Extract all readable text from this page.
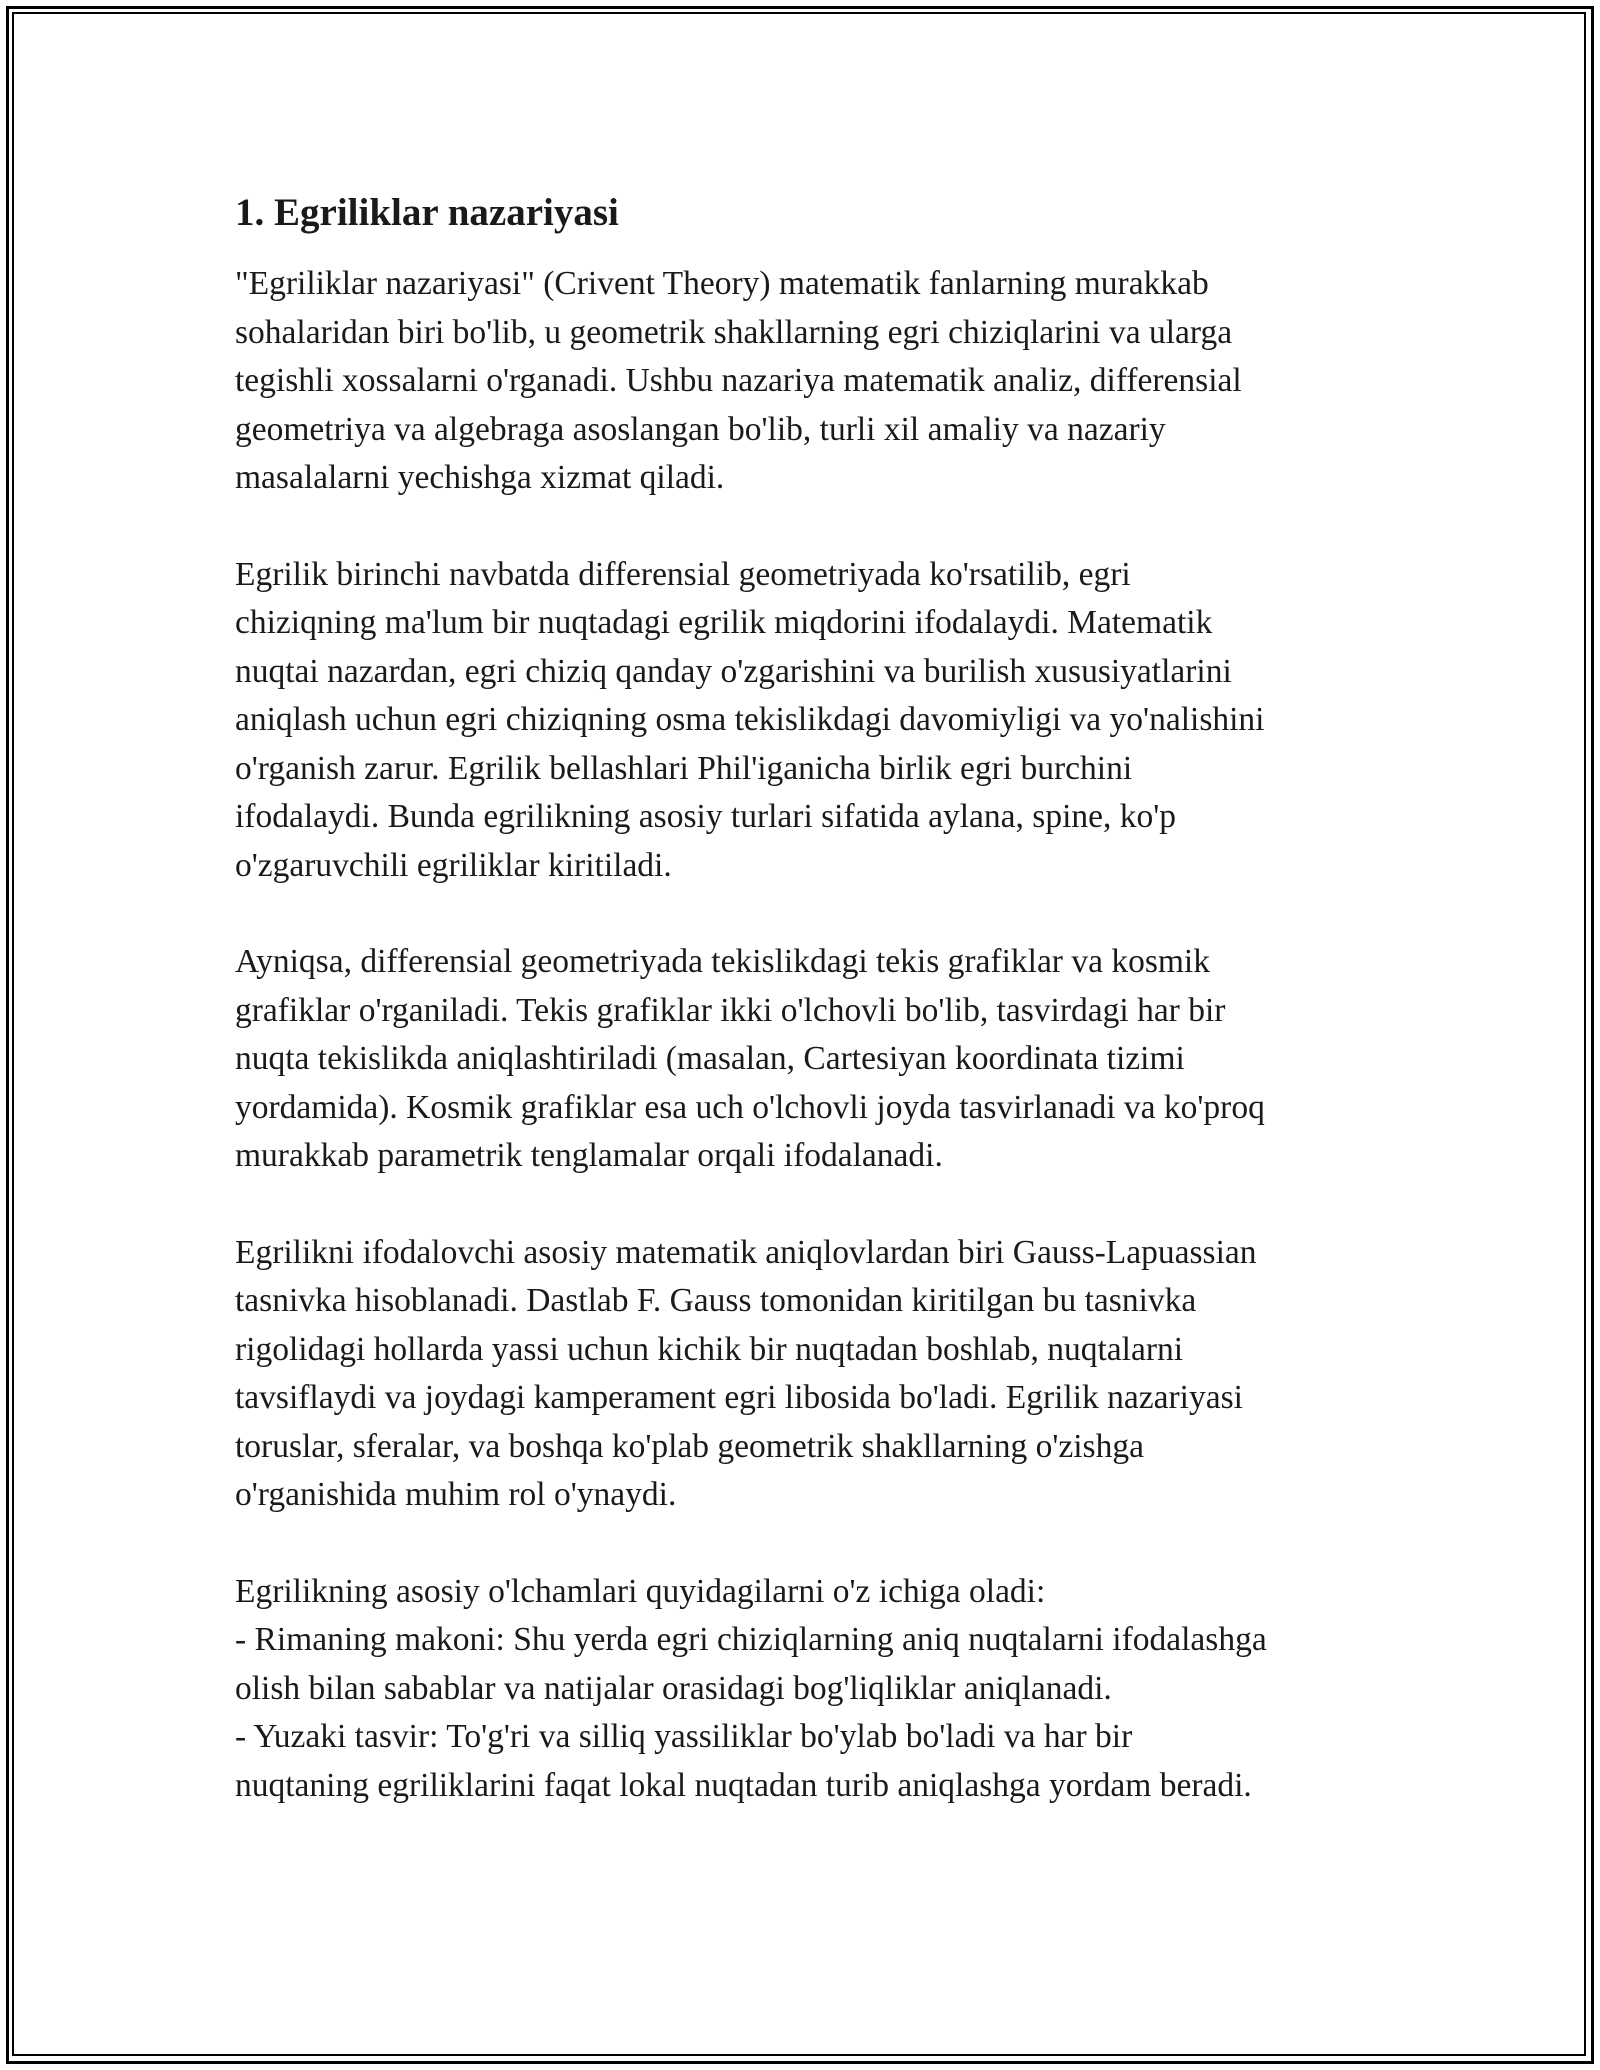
1. Egriliklar nazariyasi
"Egriliklar nazariyasi" (Crivent Theory) matematik fanlarning murakkab
sohalaridan biri bo'lib, u geometrik shakllarning egri chiziqlarini va ularga
tegishli xossalarni o'rganadi. Ushbu nazariya matematik analiz, differensial
geometriya va algebraga asoslangan bo'lib, turli xil amaliy va nazariy
masalalarni yechishga xizmat qiladi.
Egrilik birinchi navbatda differensial geometriyada ko'rsatilib, egri
chiziqning ma'lum bir nuqtadagi egrilik miqdorini ifodalaydi. Matematik
nuqtai nazardan, egri chiziq qanday o'zgarishini va burilish xususiyatlarini
aniqlash uchun egri chiziqning osma tekislikdagi davomiyligi va yo'nalishini
o'rganish zarur. Egrilik bellashlari Phil'iganicha birlik egri burchini
ifodalaydi. Bunda egrilikning asosiy turlari sifatida aylana, spine, ko'p
o'zgaruvchili egriliklar kiritiladi.
Ayniqsa, differensial geometriyada tekislikdagi tekis grafiklar va kosmik
grafiklar o'rganiladi. Tekis grafiklar ikki o'lchovli bo'lib, tasvirdagi har bir
nuqta tekislikda aniqlashtiriladi (masalan, Cartesiyan koordinata tizimi
yordamida). Kosmik grafiklar esa uch o'lchovli joyda tasvirlanadi va ko'proq
murakkab parametrik tenglamalar orqali ifodalanadi.
Egrilikni ifodalovchi asosiy matematik aniqlovlardan biri Gauss-Lapuassian
tasnivka hisoblanadi. Dastlab F. Gauss tomonidan kiritilgan bu tasnivka
rigolidagi hollarda yassi uchun kichik bir nuqtadan boshlab, nuqtalarni
tavsiflaydi va joydagi kamperament egri libosida bo'ladi. Egrilik nazariyasi
toruslar, sferalar, va boshqa ko'plab geometrik shakllarning o'zishga
o'rganishida muhim rol o'ynaydi.
Egrilikning asosiy o'lchamlari quyidagilarni o'z ichiga oladi:
- Rimaning makoni: Shu yerda egri chiziqlarning aniq nuqtalarni ifodalashga
olish bilan sabablar va natijalar orasidagi bog'liqliklar aniqlanadi.
- Yuzaki tasvir: To'g'ri va silliq yassiliklar bo'ylab bo'ladi va har bir
nuqtaning egriliklarini faqat lokal nuqtadan turib aniqlashga yordam beradi.
